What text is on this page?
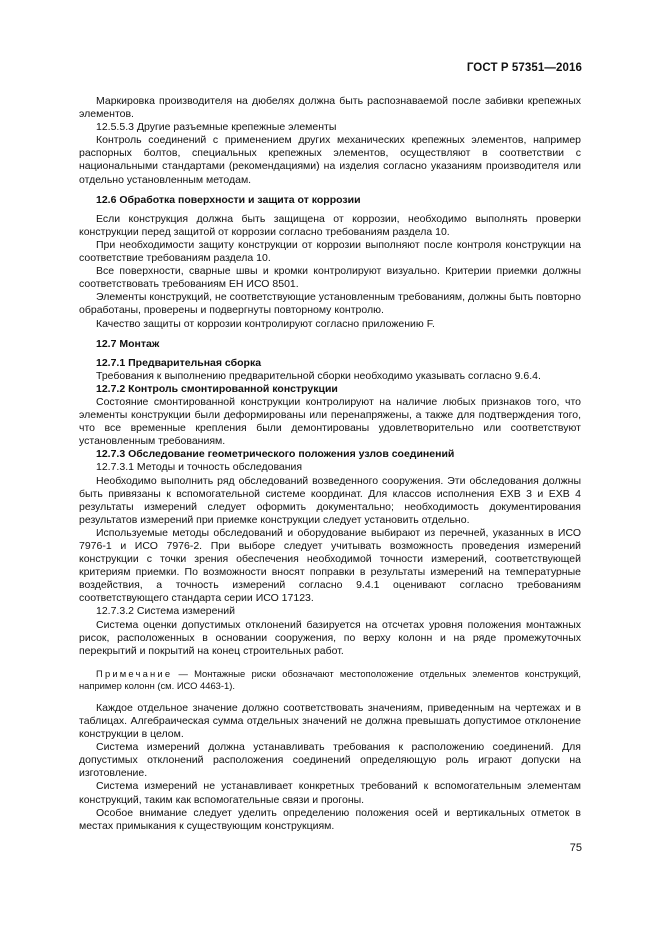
ГОСТ Р 57351—2016

Маркировка производителя на дюбелях должна быть распознаваемой после забивки крепежных элементов.

12.5.5.3 Другие разъемные крепежные элементы

Контроль соединений с применением других механических крепежных элементов, например распорных болтов, специальных крепежных элементов, осуществляют в соответствии с национальными стандартами (рекомендациями) на изделия согласно указаниям производителя или отдельно установленным методам.

12.6 Обработка поверхности и защита от коррозии

Если конструкция должна быть защищена от коррозии, необходимо выполнять проверки конструкции перед защитой от коррозии согласно требованиям раздела 10.

При необходимости защиту конструкции от коррозии выполняют после контроля конструкции на соответствие требованиям раздела 10.

Все поверхности, сварные швы и кромки контролируют визуально. Критерии приемки должны соответствовать требованиям ЕН ИСО 8501.

Элементы конструкций, не соответствующие установленным требованиям, должны быть повторно обработаны, проверены и подвергнуты повторному контролю.

Качество защиты от коррозии контролируют согласно приложению F.

12.7 Монтаж

12.7.1 Предварительная сборка

Требования к выполнению предварительной сборки необходимо указывать согласно 9.6.4.

12.7.2 Контроль смонтированной конструкции

Состояние смонтированной конструкции контролируют на наличие любых признаков того, что элементы конструкции были деформированы или перенапряжены, а также для подтверждения того, что все временные крепления были демонтированы удовлетворительно или соответствуют установленным требованиям.

12.7.3 Обследование геометрического положения узлов соединений

12.7.3.1 Методы и точность обследования

Необходимо выполнить ряд обследований возведенного сооружения. Эти обследования должны быть привязаны к вспомогательной системе координат. Для классов исполнения EXB 3 и EXB 4 результаты измерений следует оформить документально; необходимость документирования результатов измерений при приемке конструкции следует установить отдельно.

Используемые методы обследований и оборудование выбирают из перечней, указанных в ИСО 7976-1 и ИСО 7976-2. При выборе следует учитывать возможность проведения измерений конструкции с точки зрения обеспечения необходимой точности измерений, соответствующей критериям приемки. По возможности вносят поправки в результаты измерений на температурные воздействия, а точность измерений согласно 9.4.1 оценивают согласно требованиям соответствующего стандарта серии ИСО 17123.

12.7.3.2 Система измерений

Система оценки допустимых отклонений базируется на отсчетах уровня положения монтажных рисок, расположенных в основании сооружения, по верху колонн и на ряде промежуточных перекрытий и покрытий на конец строительных работ.

Примечание — Монтажные риски обозначают местоположение отдельных элементов конструкций, например колонн (см. ИСО 4463-1).

Каждое отдельное значение должно соответствовать значениям, приведенным на чертежах и в таблицах. Алгебраическая сумма отдельных значений не должна превышать допустимое отклонение конструкции в целом.

Система измерений должна устанавливать требования к расположению соединений. Для допустимых отклонений расположения соединений определяющую роль играют допуски на изготовление.

Система измерений не устанавливает конкретных требований к вспомогательным элементам конструкций, таким как вспомогательные связи и прогоны.

Особое внимание следует уделить определению положения осей и вертикальных отметок в местах примыкания к существующим конструкциям.

75
